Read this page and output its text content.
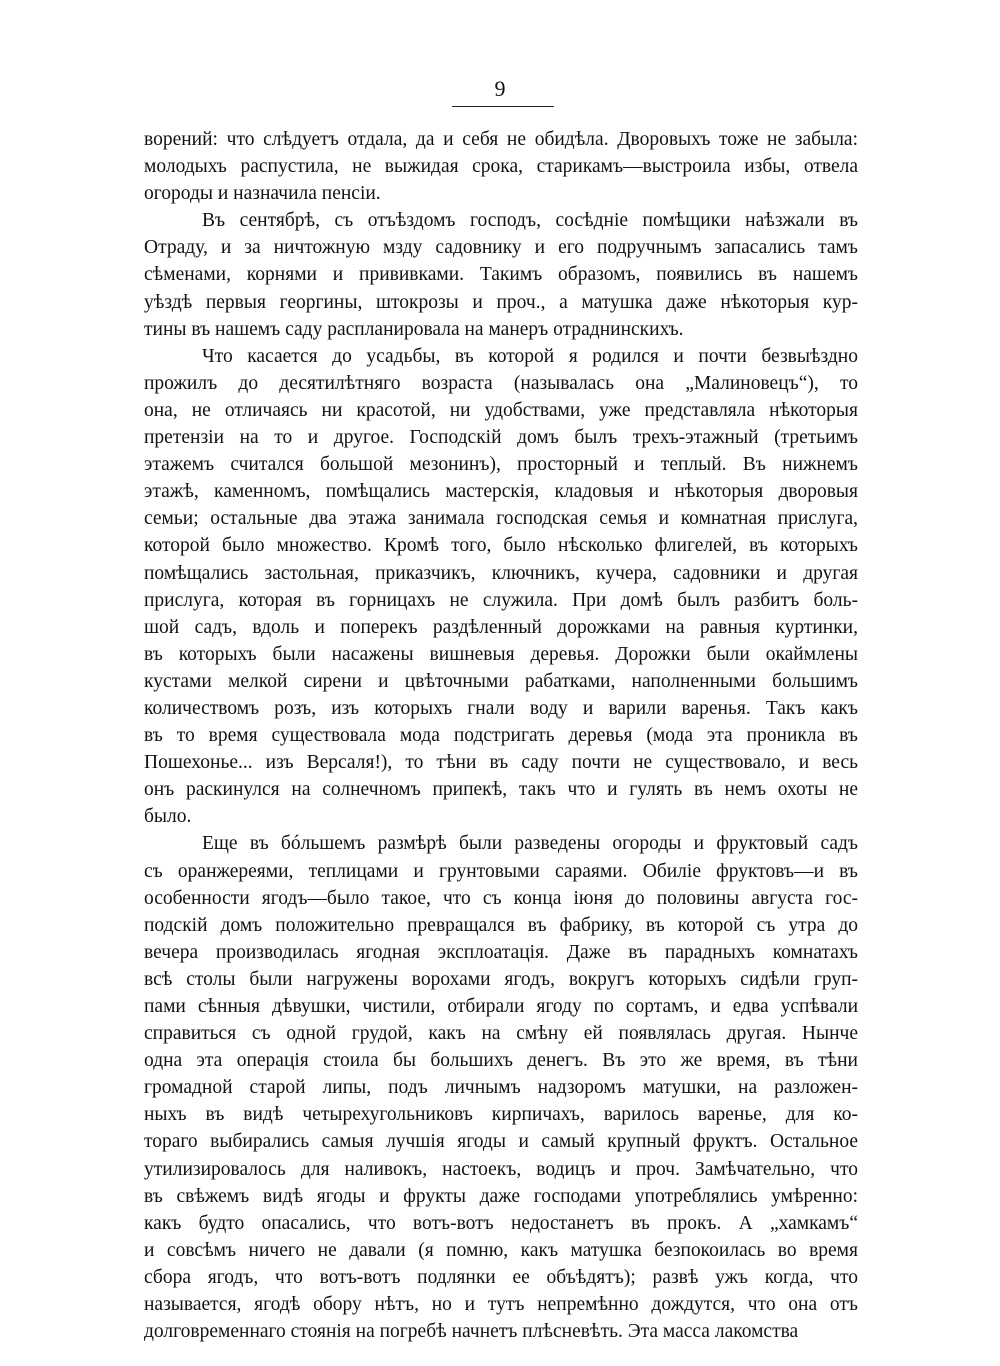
9
ворений: что слѣдуетъ отдала, да и себя не обидѣла. Дворовыхъ тоже не забыла:
молодыхъ распустила, не выжидая срока, старикамъ—выстроила избы, отвела
огороды и назначила пенсіи.
Въ сентябрѣ, съ отъѣздомъ господъ, сосѣдніе помѣщики наѣзжали въ
Отраду, и за ничтожную мзду садовнику и его подручнымъ запасались тамъ
сѣменами, корнями и прививками. Такимъ образомъ, появились въ нашемъ
уѣздѣ первыя георгины, штокрозы и проч., а матушка даже нѣкоторыя кур-
тины въ нашемъ саду распланировала на манеръ отраднинскихъ.
Что касается до усадьбы, въ которой я родился и почти безвыѣздно
прожилъ до десятилѣтняго возраста (называлась она „Малиновецъ“), то
она, не отличаясь ни красотой, ни удобствами, уже представляла нѣкоторыя
претензіи на то и другое. Господскій домъ былъ трехъ-этажный (третьимъ
этажемъ считался большой мезонинъ), просторный и теплый. Въ нижнемъ
этажѣ, каменномъ, помѣщались мастерскія, кладовыя и нѣкоторыя дворовыя
семьи; остальные два этажа занимала господская семья и комнатная прислуга,
которой было множество. Кромѣ того, было нѣсколько флигелей, въ которыхъ
помѣщались застольная, приказчикъ, ключникъ, кучера, садовники и другая
прислуга, которая въ горницахъ не служила. При домѣ былъ разбитъ боль-
шой садъ, вдоль и поперекъ раздѣленный дорожками на равныя куртинки,
въ которыхъ были насажены вишневыя деревья. Дорожки были окаймлены
кустами мелкой сирени и цвѣточными рабатками, наполненными большимъ
количествомъ розъ, изъ которыхъ гнали воду и варили варенья. Такъ какъ
въ то время существовала мода подстригать деревья (мода эта проникла въ
Пошехонье... изъ Версаля!), то тѣни въ саду почти не существовало, и весь
онъ раскинулся на солнечномъ припекѣ, такъ что и гулять въ немъ охоты не
было.
Еще въ бóльшемъ размѣрѣ были разведены огороды и фруктовый садъ
съ оранжереями, теплицами и грунтовыми сараями. Обиліе фруктовъ—и въ
особенности ягодъ—было такое, что съ конца іюня до половины августа гос-
подскій домъ положительно превращался въ фабрику, въ которой съ утра до
вечера производилась ягодная эксплоатація. Даже въ парадныхъ комнатахъ
всѣ столы были нагружены ворохами ягодъ, вокругъ которыхъ сидѣли груп-
пами сѣнныя дѣвушки, чистили, отбирали ягоду по сортамъ, и едва успѣвали
справиться съ одной грудой, какъ на смѣну ей появлялась другая. Нынче
одна эта операція стоила бы большихъ денегъ. Въ это же время, въ тѣни
громадной старой липы, подъ личнымъ надзоромъ матушки, на разложен-
ныхъ въ видѣ четырехугольниковъ кирпичахъ, варилось варенье, для ко-
тораго выбирались самыя лучшія ягоды и самый крупный фруктъ. Остальное
утилизировалось для наливокъ, настоекъ, водицъ и проч. Замѣчательно, что
въ свѣжемъ видѣ ягоды и фрукты даже господами употреблялись умѣренно:
какъ будто опасались, что вотъ-вотъ недостанетъ въ прокъ. А „хамкамъ“
и совсѣмъ ничего не давали (я помню, какъ матушка безпокоилась во время
сбора ягодъ, что вотъ-вотъ подлянки ее объѣдятъ); развѣ ужъ когда, что
называется, ягодѣ обору нѣтъ, но и тутъ непремѣнно дождутся, что она отъ
долговременнаго стоянія на погребѣ начнетъ плѣсневѣть. Эта масса лакомства
